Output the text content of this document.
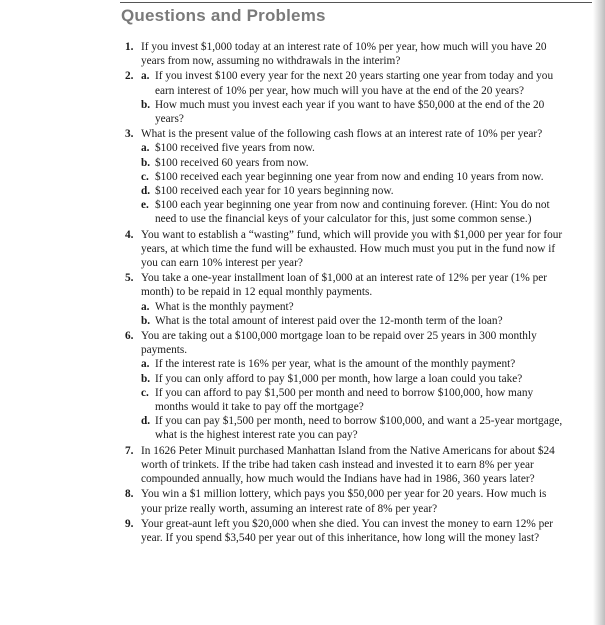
Questions and Problems
1. If you invest $1,000 today at an interest rate of 10% per year, how much will you have 20 years from now, assuming no withdrawals in the interim?
2. a. If you invest $100 every year for the next 20 years starting one year from today and you earn interest of 10% per year, how much will you have at the end of the 20 years?
b. How much must you invest each year if you want to have $50,000 at the end of the 20 years?
3. What is the present value of the following cash flows at an interest rate of 10% per year?
a. $100 received five years from now.
b. $100 received 60 years from now.
c. $100 received each year beginning one year from now and ending 10 years from now.
d. $100 received each year for 10 years beginning now.
e. $100 each year beginning one year from now and continuing forever. (Hint: You do not need to use the financial keys of your calculator for this, just some common sense.)
4. You want to establish a “wasting” fund, which will provide you with $1,000 per year for four years, at which time the fund will be exhausted. How much must you put in the fund now if you can earn 10% interest per year?
5. You take a one-year installment loan of $1,000 at an interest rate of 12% per year (1% per month) to be repaid in 12 equal monthly payments.
a. What is the monthly payment?
b. What is the total amount of interest paid over the 12-month term of the loan?
6. You are taking out a $100,000 mortgage loan to be repaid over 25 years in 300 monthly payments.
a. If the interest rate is 16% per year, what is the amount of the monthly payment?
b. If you can only afford to pay $1,000 per month, how large a loan could you take?
c. If you can afford to pay $1,500 per month and need to borrow $100,000, how many months would it take to pay off the mortgage?
d. If you can pay $1,500 per month, need to borrow $100,000, and want a 25-year mortgage, what is the highest interest rate you can pay?
7. In 1626 Peter Minuit purchased Manhattan Island from the Native Americans for about $24 worth of trinkets. If the tribe had taken cash instead and invested it to earn 8% per year compounded annually, how much would the Indians have had in 1986, 360 years later?
8. You win a $1 million lottery, which pays you $50,000 per year for 20 years. How much is your prize really worth, assuming an interest rate of 8% per year?
9. Your great-aunt left you $20,000 when she died. You can invest the money to earn 12% per year. If you spend $3,540 per year out of this inheritance, how long will the money last?
